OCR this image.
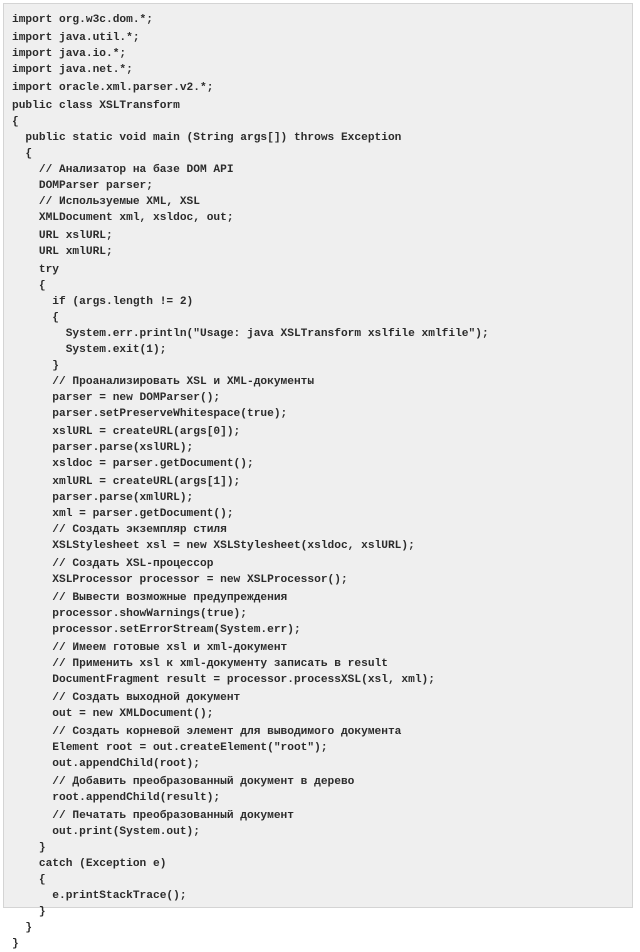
import org.w3c.dom.*;
import java.util.*;
import java.io.*;
import java.net.*;
import oracle.xml.parser.v2.*;
public class XSLTransform
{
public static void main (String args[]) throws Exception
{
// Анализатор на базе DOM API
DOMParser parser;
// Используемые XML, XSL
XMLDocument xml, xsldoc, out;
URL xslURL;
URL xmlURL;
try
{
if (args.length != 2)
{
System.err.println("Usage: java XSLTransform xslfile xmlfile");
System.exit(1);
}
// Проанализировать XSL и XML-документы
parser = new DOMParser();
parser.setPreserveWhitespace(true);
xslURL = createURL(args[0]);
parser.parse(xslURL);
xsldoc = parser.getDocument();
xmlURL = createURL(args[1]);
parser.parse(xmlURL);
xml = parser.getDocument();
// Создать экземпляр стиля
XSLStylesheet xsl = new XSLStylesheet(xsldoc, xslURL);
// Создать XSL-процессор
XSLProcessor processor = new XSLProcessor();
// Вывести возможные предупреждения
processor.showWarnings(true);
processor.setErrorStream(System.err);
// Имеем готовые xsl и xml-документ
// Применить xsl к xml-документу записать в result
DocumentFragment result = processor.processXSL(xsl, xml);
// Создать выходной документ
out = new XMLDocument();
// Создать корневой элемент для выводимого документа
Element root = out.createElement("root");
out.appendChild(root);
// Добавить преобразованный документ в дерево
root.appendChild(result);
// Печатать преобразованный документ
out.print(System.out);
}
catch (Exception e)
{
e.printStackTrace();
}
}
}
